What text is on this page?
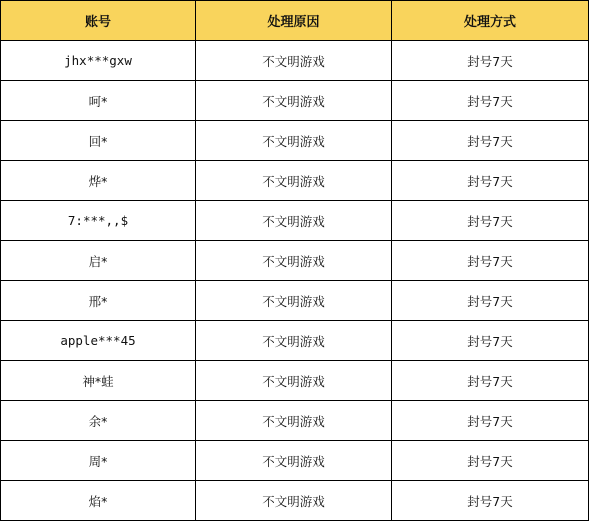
账号	处理原因	处理方式
jhx***gxw	不文明游戏	封号7天
呵*	不文明游戏	封号7天
回*	不文明游戏	封号7天
烨*	不文明游戏	封号7天
7:***,,$	不文明游戏	封号7天
启*	不文明游戏	封号7天
邢*	不文明游戏	封号7天
apple***45	不文明游戏	封号7天
神*蛙	不文明游戏	封号7天
余*	不文明游戏	封号7天
周*	不文明游戏	封号7天
焰*	不文明游戏	封号7天
